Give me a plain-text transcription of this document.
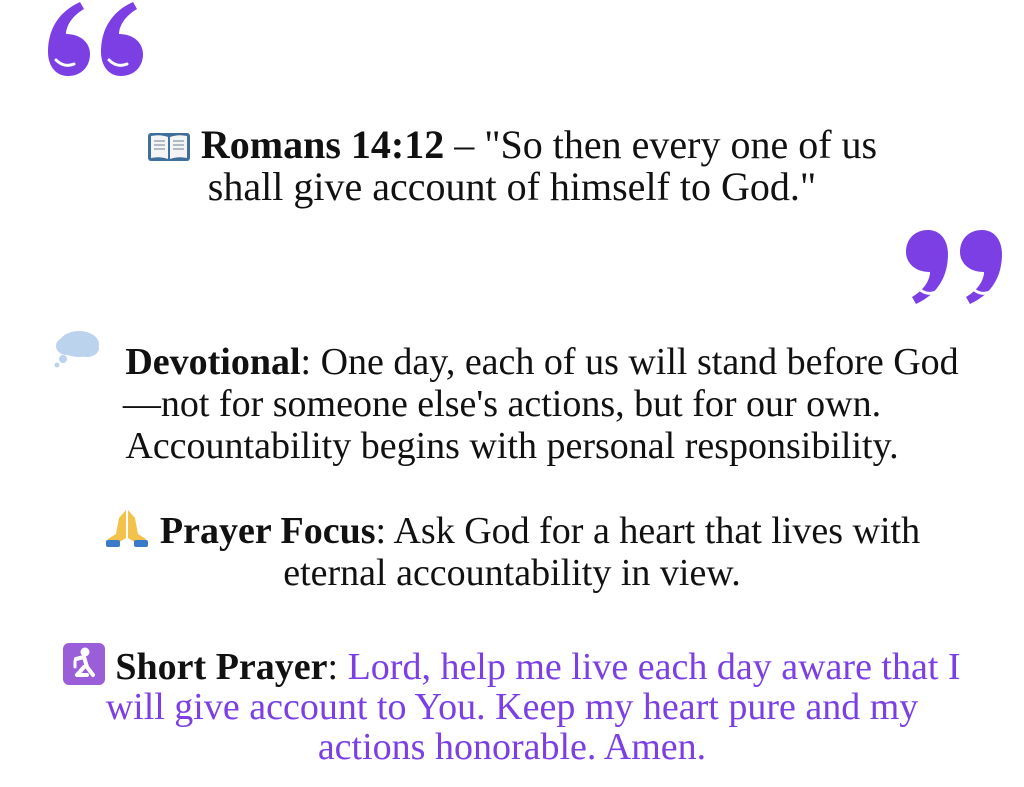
Romans 14:12 – "So then every one of us
shall give account of himself to God."
Devotional: One day, each of us will stand before God
—not for someone else's actions, but for our own.
Accountability begins with personal responsibility.
Prayer Focus: Ask God for a heart that lives with
eternal accountability in view.
Short Prayer: Lord, help me live each day aware that I
will give account to You. Keep my heart pure and my
actions honorable. Amen.
